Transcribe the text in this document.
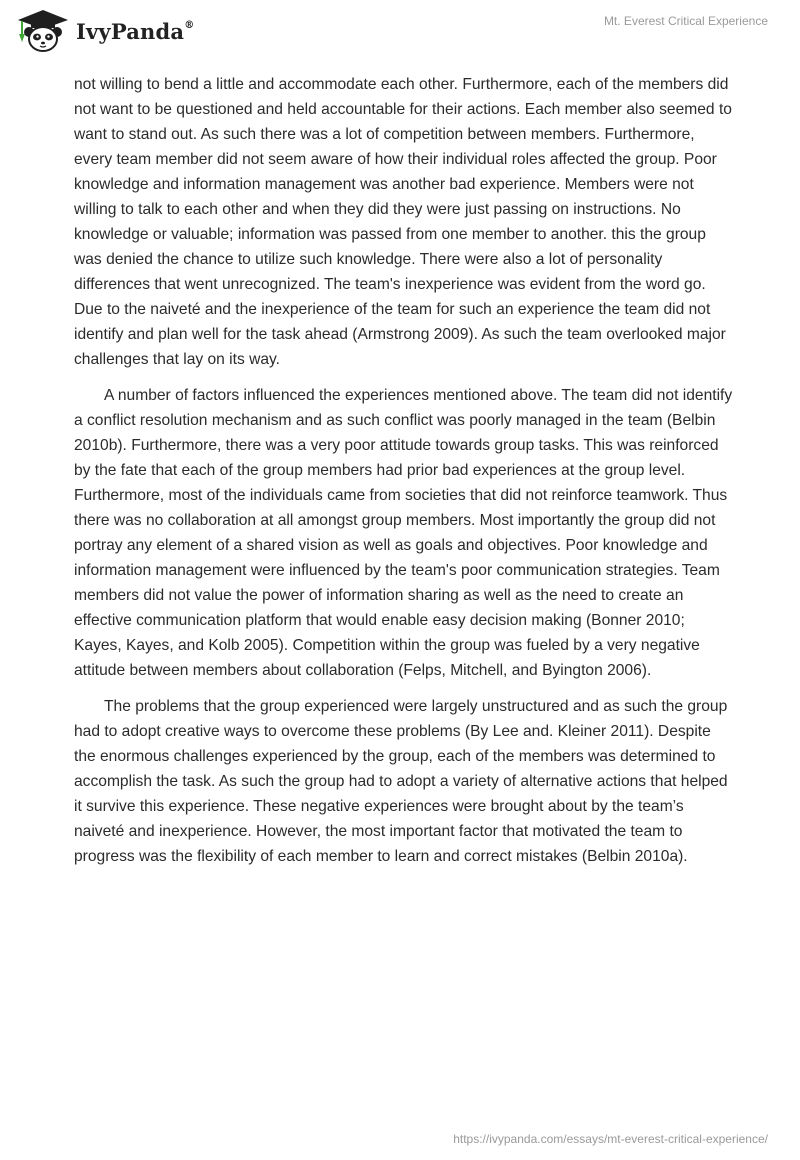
IvyPanda®	Mt. Everest Critical Experience

not willing to bend a little and accommodate each other. Furthermore, each of the members did not want to be questioned and held accountable for their actions. Each member also seemed to want to stand out. As such there was a lot of competition between members. Furthermore, every team member did not seem aware of how their individual roles affected the group. Poor knowledge and information management was another bad experience. Members were not willing to talk to each other and when they did they were just passing on instructions. No knowledge or valuable; information was passed from one member to another. this the group was denied the chance to utilize such knowledge. There were also a lot of personality differences that went unrecognized. The team's inexperience was evident from the word go. Due to the naiveté and the inexperience of the team for such an experience the team did not identify and plan well for the task ahead (Armstrong 2009). As such the team overlooked major challenges that lay on its way.

A number of factors influenced the experiences mentioned above. The team did not identify a conflict resolution mechanism and as such conflict was poorly managed in the team (Belbin 2010b). Furthermore, there was a very poor attitude towards group tasks. This was reinforced by the fate that each of the group members had prior bad experiences at the group level. Furthermore, most of the individuals came from societies that did not reinforce teamwork. Thus there was no collaboration at all amongst group members. Most importantly the group did not portray any element of a shared vision as well as goals and objectives. Poor knowledge and information management were influenced by the team's poor communication strategies. Team members did not value the power of information sharing as well as the need to create an effective communication platform that would enable easy decision making (Bonner 2010; Kayes, Kayes, and Kolb 2005). Competition within the group was fueled by a very negative attitude between members about collaboration (Felps, Mitchell, and Byington 2006).

The problems that the group experienced were largely unstructured and as such the group had to adopt creative ways to overcome these problems (By Lee and. Kleiner 2011). Despite the enormous challenges experienced by the group, each of the members was determined to accomplish the task. As such the group had to adopt a variety of alternative actions that helped it survive this experience. These negative experiences were brought about by the team’s naiveté and inexperience. However, the most important factor that motivated the team to progress was the flexibility of each member to learn and correct mistakes (Belbin 2010a).

https://ivypanda.com/essays/mt-everest-critical-experience/
